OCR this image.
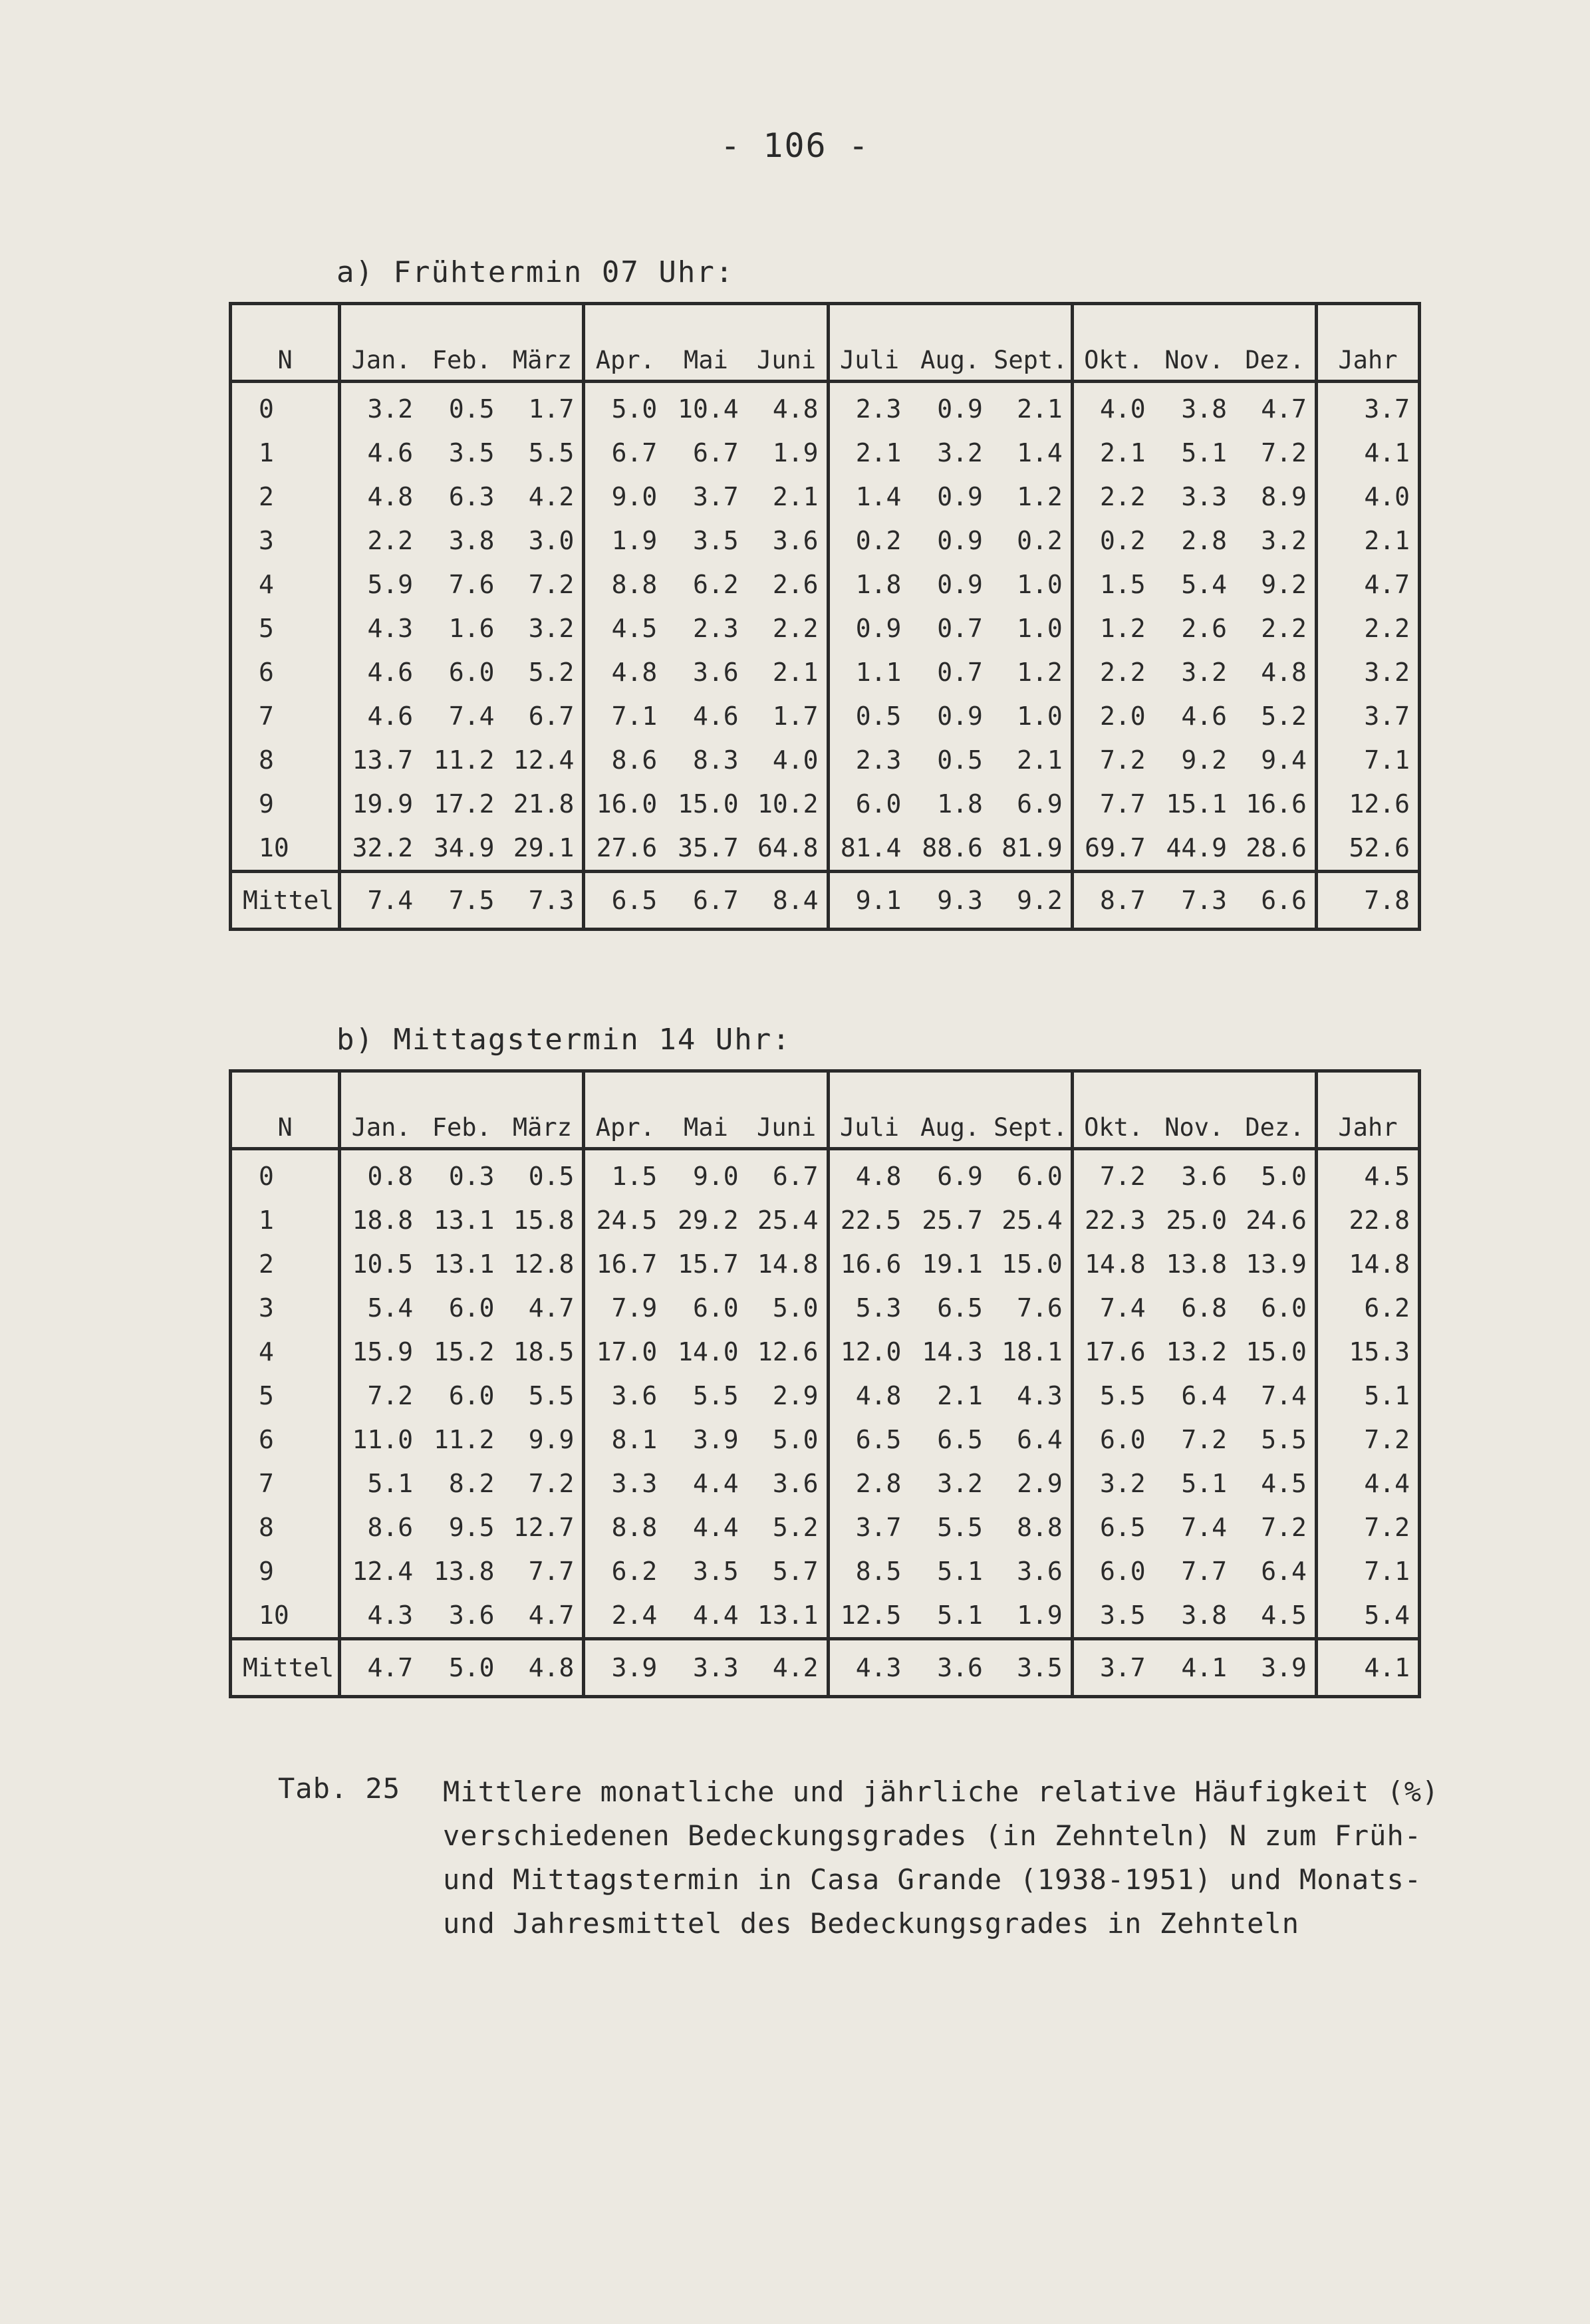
- 106 -
a) Frühtermin 07 Uhr:
N	Jan.	Feb.	März	Apr.	Mai	Juni	Juli	Aug.	Sept.	Okt.	Nov.	Dez.	Jahr
0	3.2	0.5	1.7	5.0	10.4	4.8	2.3	0.9	2.1	4.0	3.8	4.7	3.7
1	4.6	3.5	5.5	6.7	6.7	1.9	2.1	3.2	1.4	2.1	5.1	7.2	4.1
2	4.8	6.3	4.2	9.0	3.7	2.1	1.4	0.9	1.2	2.2	3.3	8.9	4.0
3	2.2	3.8	3.0	1.9	3.5	3.6	0.2	0.9	0.2	0.2	2.8	3.2	2.1
4	5.9	7.6	7.2	8.8	6.2	2.6	1.8	0.9	1.0	1.5	5.4	9.2	4.7
5	4.3	1.6	3.2	4.5	2.3	2.2	0.9	0.7	1.0	1.2	2.6	2.2	2.2
6	4.6	6.0	5.2	4.8	3.6	2.1	1.1	0.7	1.2	2.2	3.2	4.8	3.2
7	4.6	7.4	6.7	7.1	4.6	1.7	0.5	0.9	1.0	2.0	4.6	5.2	3.7
8	13.7	11.2	12.4	8.6	8.3	4.0	2.3	0.5	2.1	7.2	9.2	9.4	7.1
9	19.9	17.2	21.8	16.0	15.0	10.2	6.0	1.8	6.9	7.7	15.1	16.6	12.6
10	32.2	34.9	29.1	27.6	35.7	64.8	81.4	88.6	81.9	69.7	44.9	28.6	52.6
Mittel	7.4	7.5	7.3	6.5	6.7	8.4	9.1	9.3	9.2	8.7	7.3	6.6	7.8
b) Mittagstermin 14 Uhr:
N	Jan.	Feb.	März	Apr.	Mai	Juni	Juli	Aug.	Sept.	Okt.	Nov.	Dez.	Jahr
0	0.8	0.3	0.5	1.5	9.0	6.7	4.8	6.9	6.0	7.2	3.6	5.0	4.5
1	18.8	13.1	15.8	24.5	29.2	25.4	22.5	25.7	25.4	22.3	25.0	24.6	22.8
2	10.5	13.1	12.8	16.7	15.7	14.8	16.6	19.1	15.0	14.8	13.8	13.9	14.8
3	5.4	6.0	4.7	7.9	6.0	5.0	5.3	6.5	7.6	7.4	6.8	6.0	6.2
4	15.9	15.2	18.5	17.0	14.0	12.6	12.0	14.3	18.1	17.6	13.2	15.0	15.3
5	7.2	6.0	5.5	3.6	5.5	2.9	4.8	2.1	4.3	5.5	6.4	7.4	5.1
6	11.0	11.2	9.9	8.1	3.9	5.0	6.5	6.5	6.4	6.0	7.2	5.5	7.2
7	5.1	8.2	7.2	3.3	4.4	3.6	2.8	3.2	2.9	3.2	5.1	4.5	4.4
8	8.6	9.5	12.7	8.8	4.4	5.2	3.7	5.5	8.8	6.5	7.4	7.2	7.2
9	12.4	13.8	7.7	6.2	3.5	5.7	8.5	5.1	3.6	6.0	7.7	6.4	7.1
10	4.3	3.6	4.7	2.4	4.4	13.1	12.5	5.1	1.9	3.5	3.8	4.5	5.4
Mittel	4.7	5.0	4.8	3.9	3.3	4.2	4.3	3.6	3.5	3.7	4.1	3.9	4.1
Tab. 25 Mittlere monatliche und jährliche relative Häufigkeit (%)
verschiedenen Bedeckungsgrades (in Zehnteln) N zum Früh-
und Mittagstermin in Casa Grande (1938-1951) und Monats-
und Jahresmittel des Bedeckungsgrades in Zehnteln
